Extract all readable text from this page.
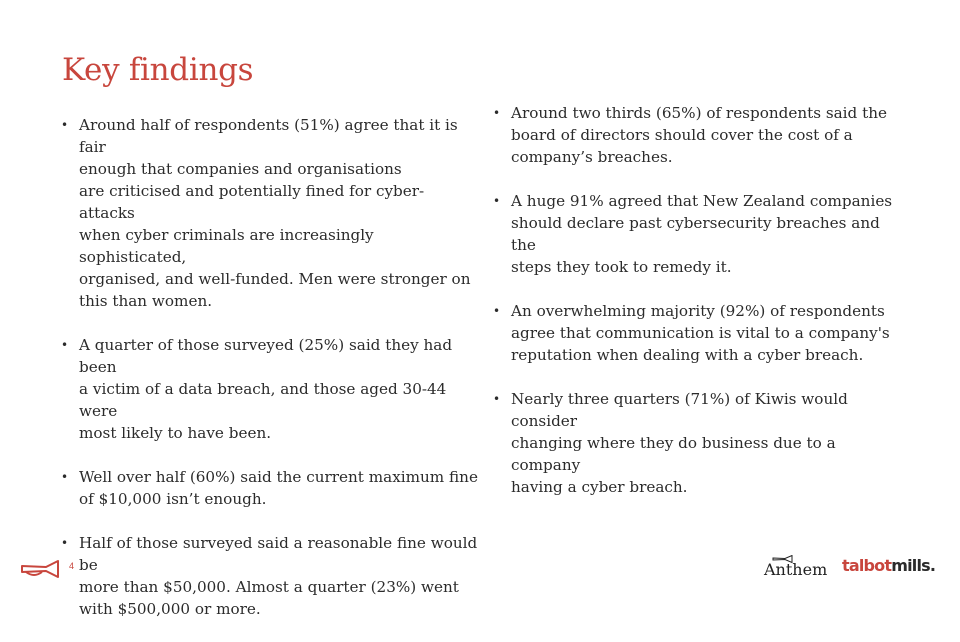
Key findings
• Around half of respondents (51%) agree that it is fair
enough that companies and organisations
are criticised and potentially fined for cyber-attacks
when cyber criminals are increasingly sophisticated,
organised, and well-funded. Men were stronger on
this than women.
• A quarter of those surveyed (25%) said they had been
a victim of a data breach, and those aged 30-44 were
most likely to have been.
• Well over half (60%) said the current maximum fine
of $10,000 isn’t enough.
• Half of those surveyed said a reasonable fine would be
more than $50,000. Almost a quarter (23%) went
with $500,000 or more.
• Around two thirds (65%) of respondents said the
board of directors should cover the cost of a
company’s breaches.
• A huge 91% agreed that New Zealand companies
should declare past cybersecurity breaches and the
steps they took to remedy it.
• An overwhelming majority (92%) of respondents
agree that communication is vital to a company's
reputation when dealing with a cyber breach.
• Nearly three quarters (71%) of Kiwis would consider
changing where they do business due to a company
having a cyber breach.
4	Anthem talbotmills.
